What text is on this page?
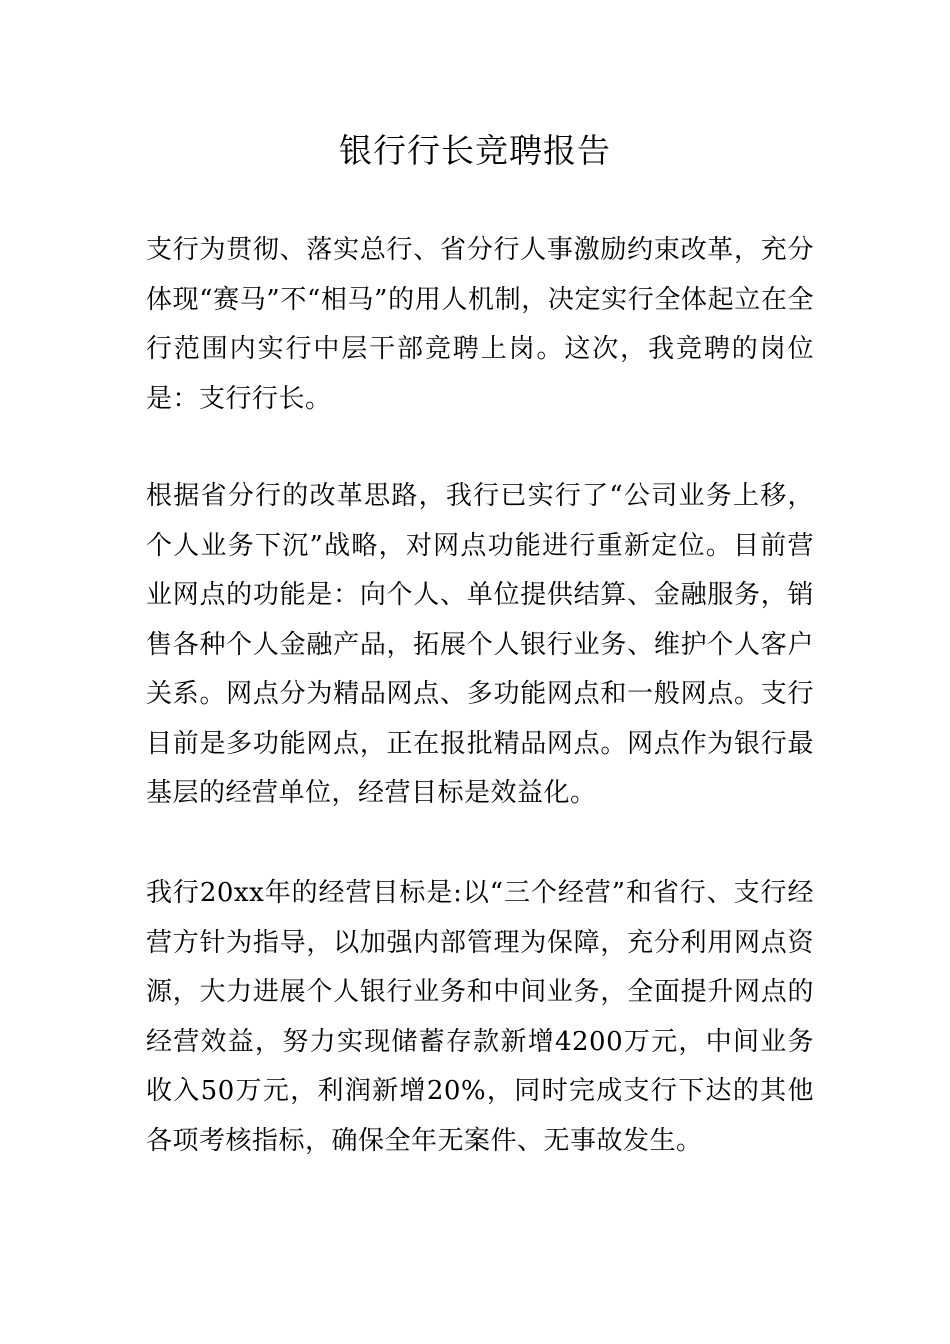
银行行长竞聘报告

支行为贯彻、落实总行、省分行人事激励约束改革，充分体现“赛马”不“相马”的用人机制，决定实行全体起立在全行范围内实行中层干部竞聘上岗。这次，我竞聘的岗位是：支行行长。

根据省分行的改革思路，我行已实行了“公司业务上移，个人业务下沉”战略，对网点功能进行重新定位。目前营业网点的功能是：向个人、单位提供结算、金融服务，销售各种个人金融产品，拓展个人银行业务、维护个人客户关系。网点分为精品网点、多功能网点和一般网点。支行目前是多功能网点，正在报批精品网点。网点作为银行最基层的经营单位，经营目标是效益化。

我行20xx年的经营目标是:以“三个经营”和省行、支行经营方针为指导，以加强内部管理为保障，充分利用网点资源，大力进展个人银行业务和中间业务，全面提升网点的经营效益，努力实现储蓄存款新增4200万元，中间业务收入50万元，利润新增20%，同时完成支行下达的其他各项考核指标，确保全年无案件、无事故发生。
